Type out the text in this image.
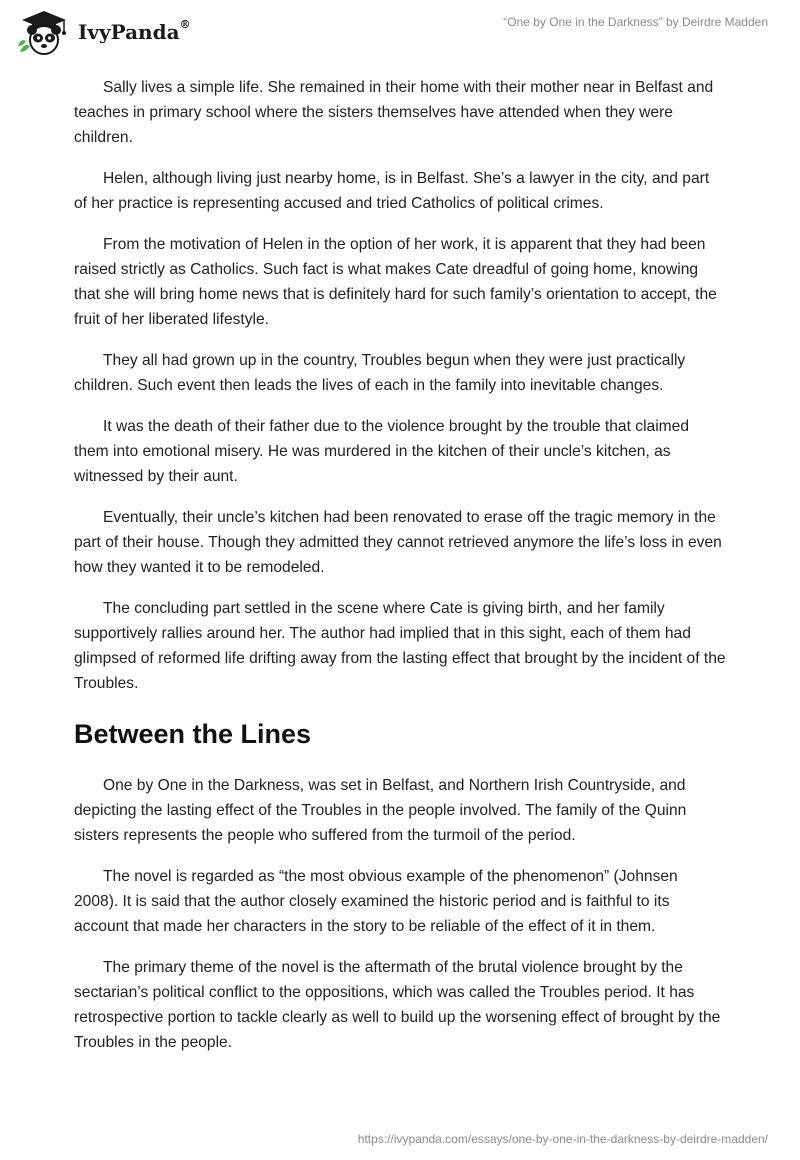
IvyPanda®	“One by One in the Darkness” by Deirdre Madden

Sally lives a simple life. She remained in their home with their mother near in Belfast and teaches in primary school where the sisters themselves have attended when they were children.

Helen, although living just nearby home, is in Belfast. She’s a lawyer in the city, and part of her practice is representing accused and tried Catholics of political crimes.

From the motivation of Helen in the option of her work, it is apparent that they had been raised strictly as Catholics. Such fact is what makes Cate dreadful of going home, knowing that she will bring home news that is definitely hard for such family’s orientation to accept, the fruit of her liberated lifestyle.

They all had grown up in the country, Troubles begun when they were just practically children. Such event then leads the lives of each in the family into inevitable changes.

It was the death of their father due to the violence brought by the trouble that claimed them into emotional misery. He was murdered in the kitchen of their uncle’s kitchen, as witnessed by their aunt.

Eventually, their uncle’s kitchen had been renovated to erase off the tragic memory in the part of their house. Though they admitted they cannot retrieved anymore the life’s loss in even how they wanted it to be remodeled.

The concluding part settled in the scene where Cate is giving birth, and her family supportively rallies around her. The author had implied that in this sight, each of them had glimpsed of reformed life drifting away from the lasting effect that brought by the incident of the Troubles.

Between the Lines

One by One in the Darkness, was set in Belfast, and Northern Irish Countryside, and depicting the lasting effect of the Troubles in the people involved. The family of the Quinn sisters represents the people who suffered from the turmoil of the period.

The novel is regarded as “the most obvious example of the phenomenon” (Johnsen 2008). It is said that the author closely examined the historic period and is faithful to its account that made her characters in the story to be reliable of the effect of it in them.

The primary theme of the novel is the aftermath of the brutal violence brought by the sectarian’s political conflict to the oppositions, which was called the Troubles period. It has retrospective portion to tackle clearly as well to build up the worsening effect of brought by the Troubles in the people.

https://ivypanda.com/essays/one-by-one-in-the-darkness-by-deirdre-madden/
